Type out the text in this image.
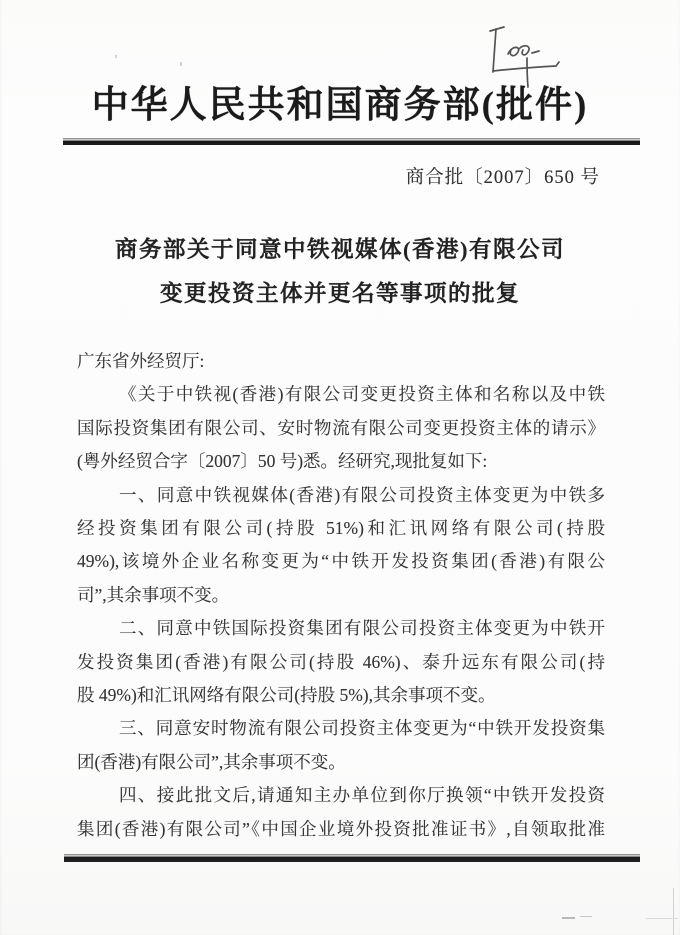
中华人民共和国商务部(批件)
商合批〔2007〕650 号
商务部关于同意中铁视媒体(香港)有限公司
变更投资主体并更名等事项的批复
广东省外经贸厅:
《关于中铁视(香港)有限公司变更投资主体和名称以及中铁
国际投资集团有限公司、安时物流有限公司变更投资主体的请示》
(粤外经贸合字〔2007〕50 号)悉。经研究,现批复如下:
一、同意中铁视媒体(香港)有限公司投资主体变更为中铁多
经投资集团有限公司(持股 51%)和汇讯网络有限公司(持股
49%),该境外企业名称变更为“中铁开发投资集团(香港)有限公
司”,其余事项不变。
二、同意中铁国际投资集团有限公司投资主体变更为中铁开
发投资集团(香港)有限公司(持股 46%)、泰升远东有限公司(持
股 49%)和汇讯网络有限公司(持股 5%),其余事项不变。
三、同意安时物流有限公司投资主体变更为“中铁开发投资集
团(香港)有限公司”,其余事项不变。
四、接此批文后,请通知主办单位到你厅换领“中铁开发投资
集团(香港)有限公司”《中国企业境外投资批准证书》,自领取批准
